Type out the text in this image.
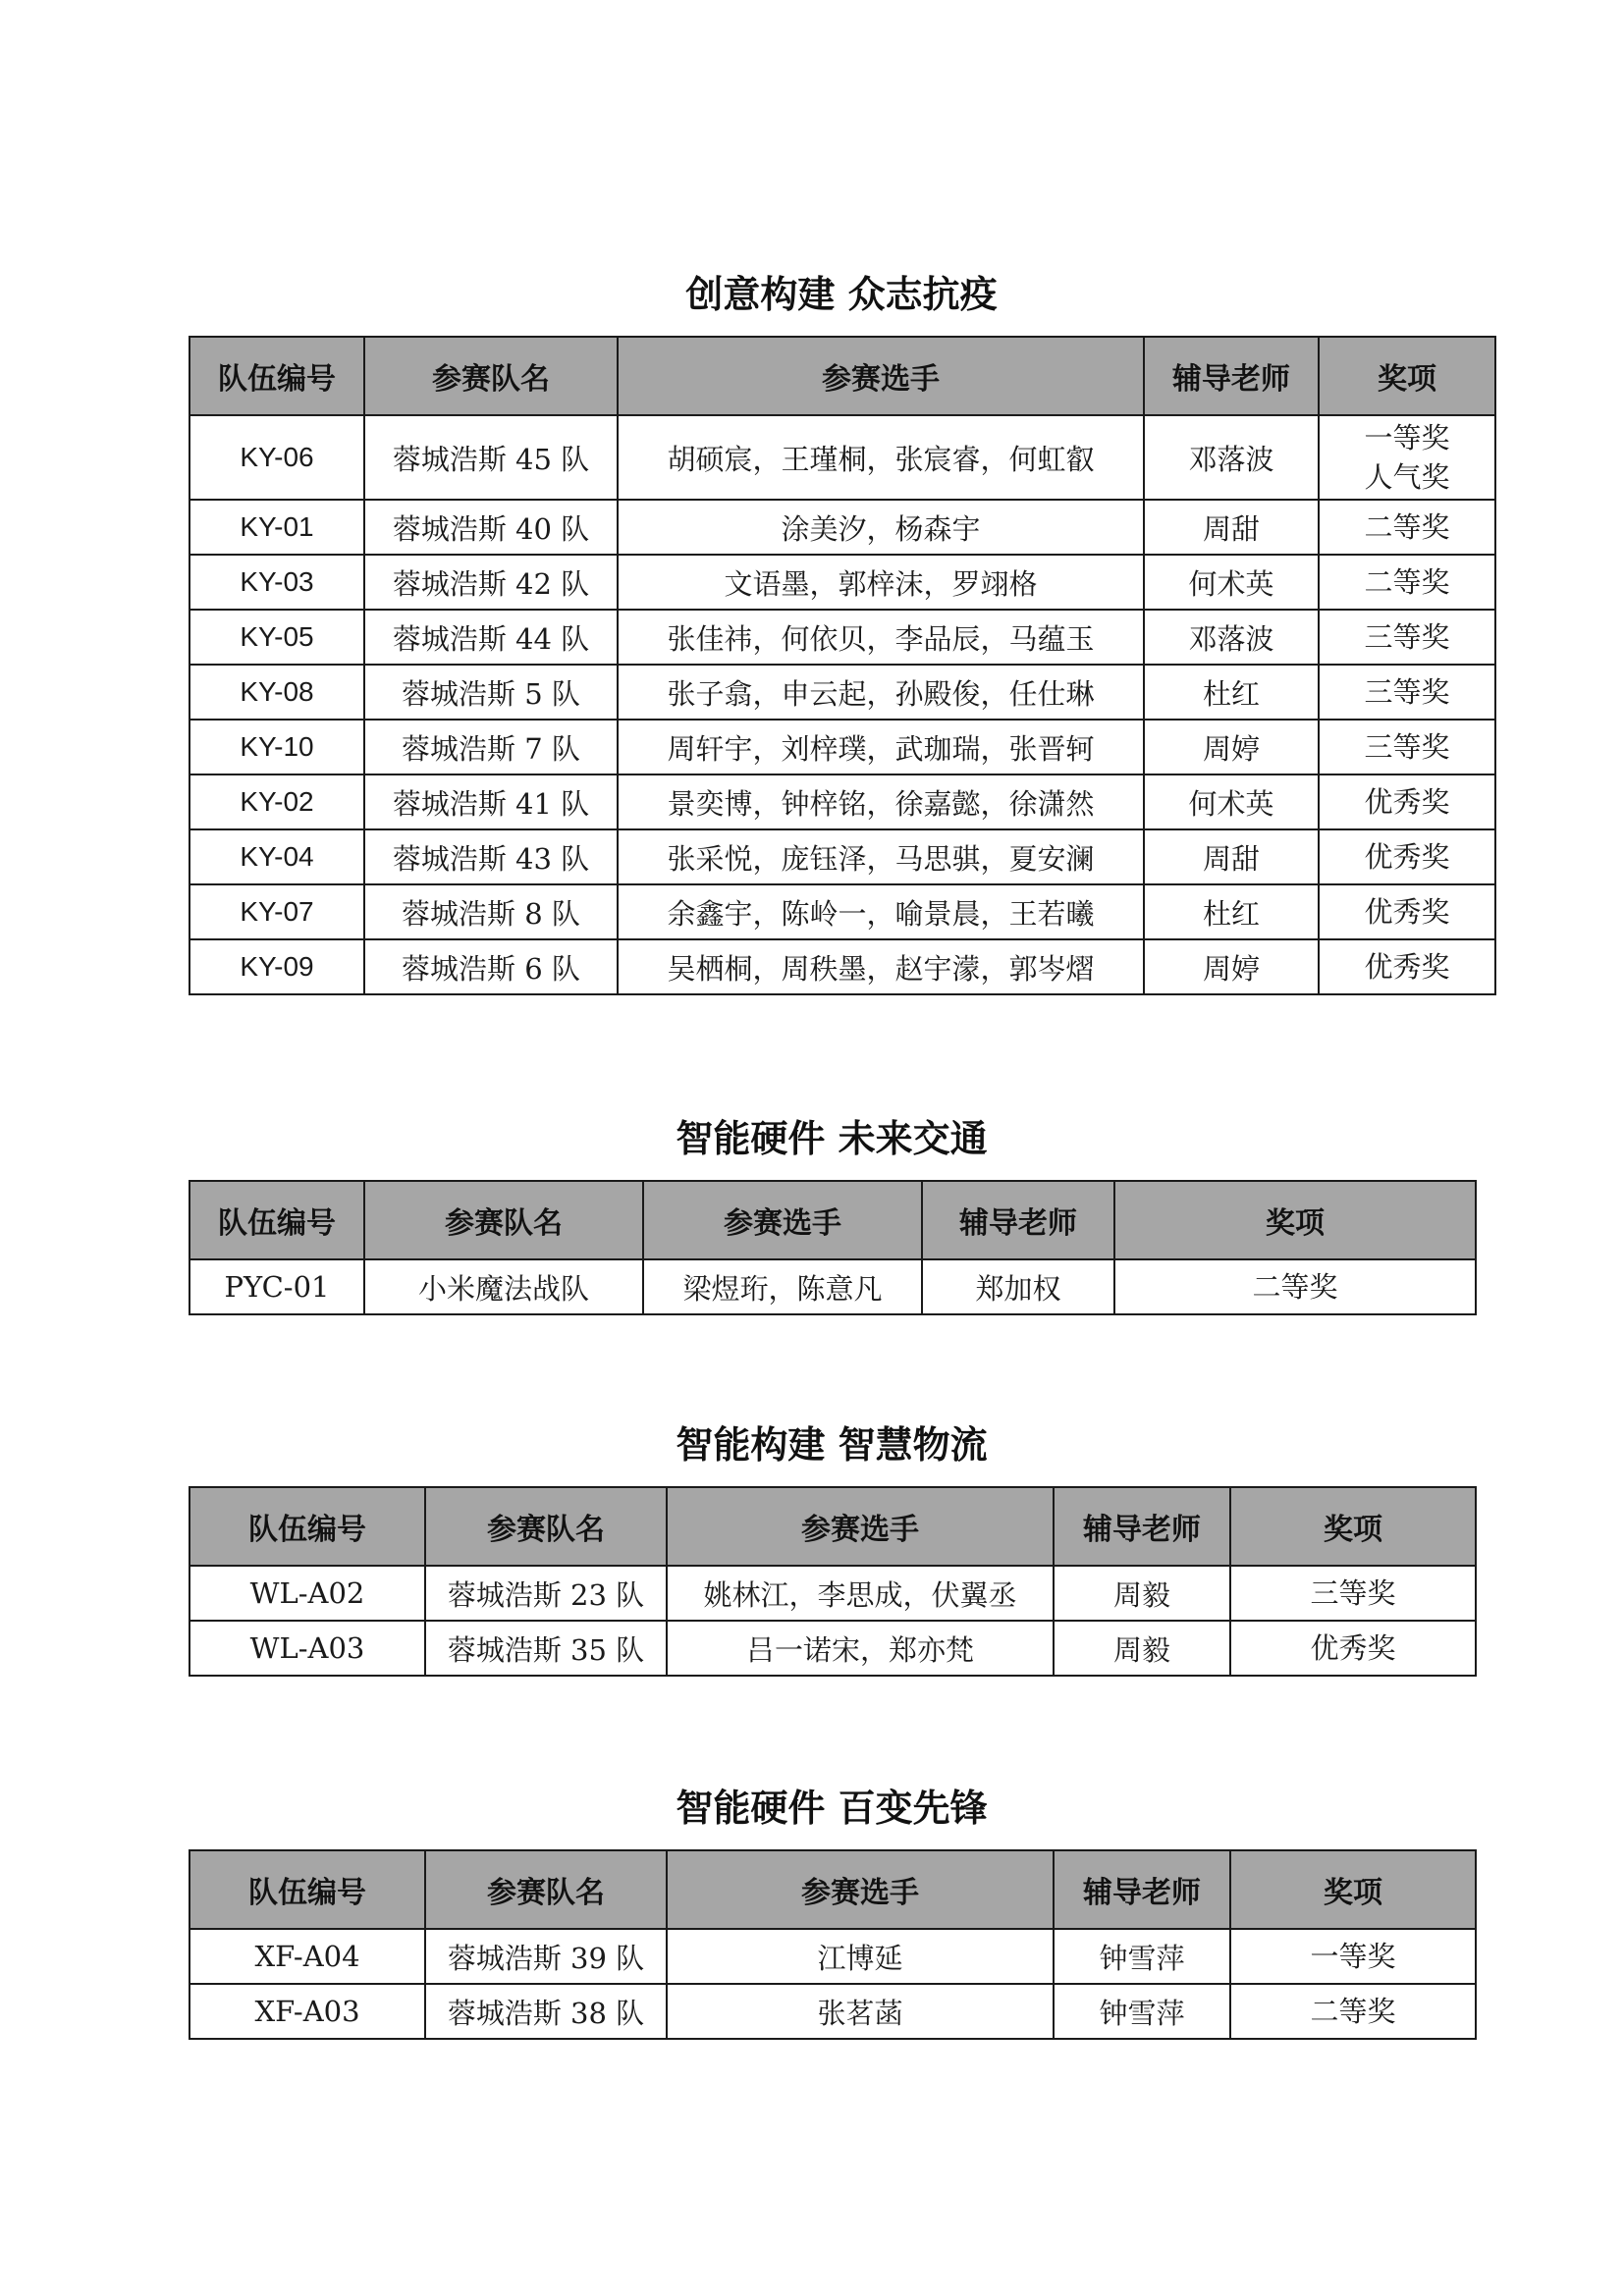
创意构建 众志抗疫
队伍编号	参赛队名	参赛选手	辅导老师	奖项
KY-06	蓉城浩斯 45 队	胡硕宸，王瑾桐，张宸睿，何虹叡	邓落波	一等奖
人气奖

KY-01	蓉城浩斯 40 队	涂美汐，杨森宇	周甜	二等奖

KY-03	蓉城浩斯 42 队	文语墨，郭梓沫，罗翊格	何术英	二等奖

KY-05	蓉城浩斯 44 队	张佳祎，何依贝，李品辰，马蕴玉	邓落波	三等奖

KY-08	蓉城浩斯 5 队	张子翕，申云起，孙殿俊，任仕琳	杜红	三等奖

KY-10	蓉城浩斯 7 队	周轩宇，刘梓璞，武珈瑞，张晋轲	周婷	三等奖

KY-02	蓉城浩斯 41 队	景奕博，钟梓铭，徐嘉懿，徐潇然	何术英	优秀奖

KY-04	蓉城浩斯 43 队	张采悦，庞钰泽，马思骐，夏安澜	周甜	优秀奖

KY-07	蓉城浩斯 8 队	余鑫宇，陈岭一，喻景晨，王若曦	杜红	优秀奖

KY-09	蓉城浩斯 6 队	吴栖桐，周秩墨，赵宇濛，郭岑熠	周婷	优秀奖
智能硬件 未来交通
队伍编号	参赛队名	参赛选手	辅导老师	奖项
PYC-01	小米魔法战队	梁煜珩，陈意凡	郑加权	二等奖
智能构建 智慧物流
队伍编号	参赛队名	参赛选手	辅导老师	奖项
WL-A02	蓉城浩斯 23 队	姚林江，李思成，伏翼丞	周毅	三等奖

WL-A03	蓉城浩斯 35 队	吕一诺宋，郑亦梵	周毅	优秀奖
智能硬件 百变先锋
队伍编号	参赛队名	参赛选手	辅导老师	奖项
XF-A04	蓉城浩斯 39 队	江博延	钟雪萍	一等奖

XF-A03	蓉城浩斯 38 队	张茗菡	钟雪萍	二等奖
